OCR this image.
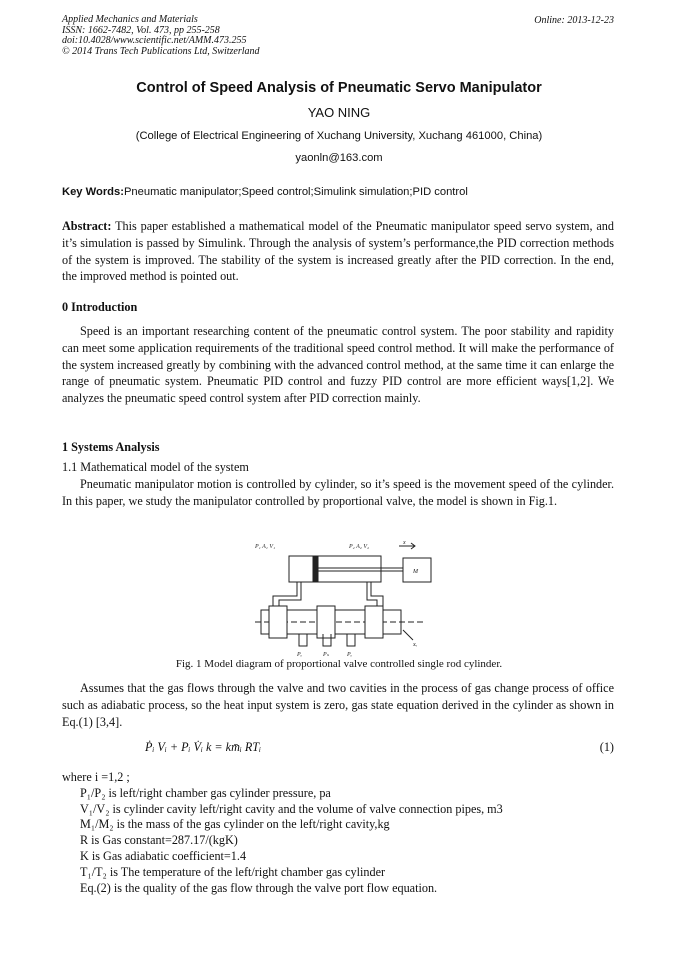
Applied Mechanics and Materials
ISSN: 1662-7482, Vol. 473, pp 255-258
doi:10.4028/www.scientific.net/AMM.473.255
© 2014 Trans Tech Publications Ltd, Switzerland
Online: 2013-12-23
Control of Speed Analysis of Pneumatic Servo Manipulator
YAO NING
(College of Electrical Engineering of Xuchang University, Xuchang 461000, China)
yaonln@163.com
Key Words:Pneumatic manipulator;Speed control;Simulink simulation;PID control
Abstract: This paper established a mathematical model of the Pneumatic manipulator speed servo system, and it’s simulation is passed by Simulink. Through the analysis of system’s performance,the PID correction methods of the system is improved. The stability of the system is increased greatly after the PID correction. In the end, the improved method is pointed out.
0 Introduction
Speed is an important researching content of the pneumatic control system. The poor stability and rapidity can meet some application requirements of the traditional speed control method. It will make the performance of the system increased greatly by combining with the advanced control method, at the same time it can enlarge the range of pneumatic system. Pneumatic PID control and fuzzy PID control are more efficient ways[1,2]. We analyzes the pneumatic speed control system after PID correction mainly.
1 Systems Analysis
1.1 Mathematical model of the system
Pneumatic manipulator motion is controlled by cylinder, so it’s speed is the movement speed of the cylinder. In this paper, we study the manipulator controlled by proportional valve, the model is shown in Fig.1.
P₁ A₁ V₁	P₂ A₂ V₂
x
M
Pₑ	Pₛ	Pₑ
xᵥ
Fig. 1 Model diagram of proportional valve controlled single rod cylinder.
Assumes that the gas flows through the valve and two cavities in the process of gas change process of office such as adiabatic process, so the heat input system is zero, gas state equation derived in the cylinder as shown in Eq.(1) [3,4].
Ṗᵢ Vᵢ + Pᵢ V̇ᵢ k = km̄ᵢ RTᵢ	(1)
where i =1,2 ;
P₁/P₂ is left/right chamber gas cylinder pressure, pa
V₁/V₂ is cylinder cavity left/right cavity and the volume of valve connection pipes, m3
M₁/M₂ is the mass of the gas cylinder on the left/right cavity,kg
R is Gas constant=287.17/(kgK)
K is Gas adiabatic coefficient=1.4
T₁/T₂ is The temperature of the left/right chamber gas cylinder
Eq.(2) is the quality of the gas flow through the valve port flow equation.
